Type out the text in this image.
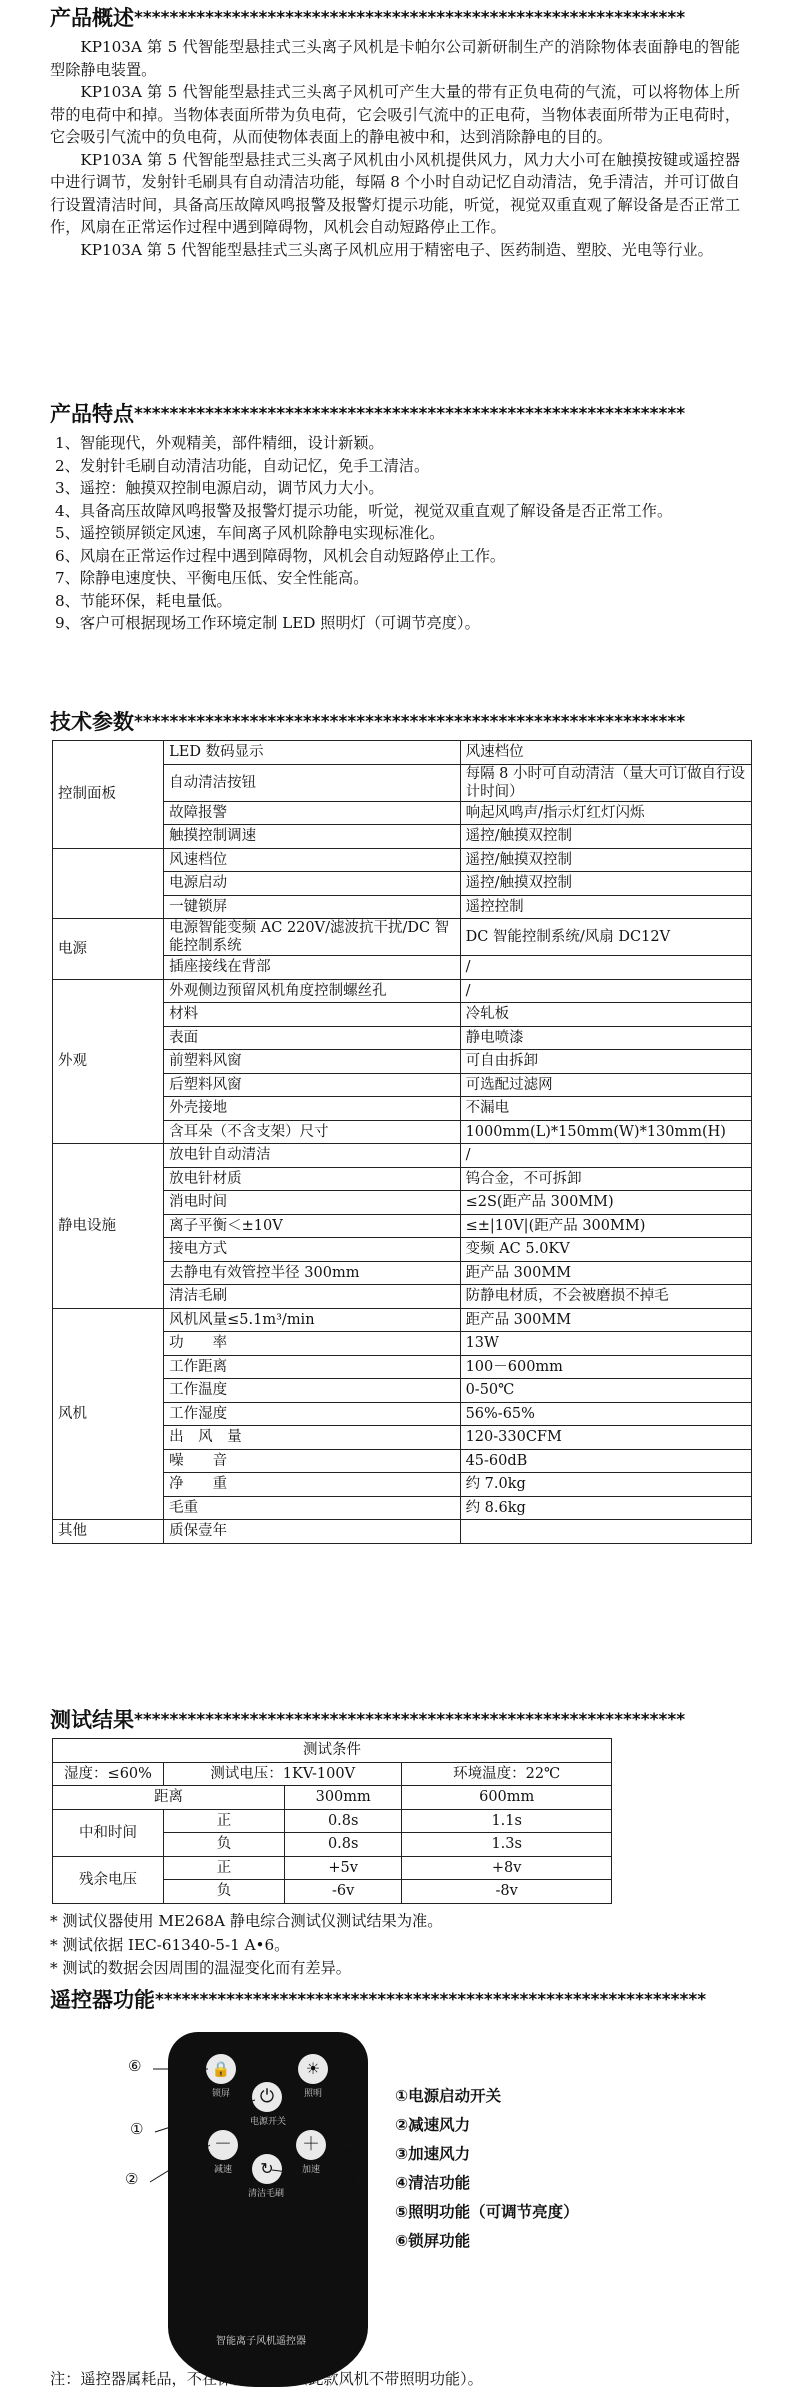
产品概述**************************************************************

KP103A 第 5 代智能型悬挂式三头离子风机是卡帕尔公司新研制生产的消除物体表面静电的智能型除静电装置。

KP103A 第 5 代智能型悬挂式三头离子风机可产生大量的带有正负电荷的气流，可以将物体上所带的电荷中和掉。当物体表面所带为负电荷，它会吸引气流中的正电荷，当物体表面所带为正电荷时，它会吸引气流中的负电荷，从而使物体表面上的静电被中和，达到消除静电的目的。

KP103A 第 5 代智能型悬挂式三头离子风机由小风机提供风力，风力大小可在触摸按键或遥控器中进行调节，发射针毛刷具有自动清洁功能，每隔 8 个小时自动记忆自动清洁，免手清洁，并可订做自行设置清洁时间，具备高压故障风鸣报警及报警灯提示功能，听觉，视觉双重直观了解设备是否正常工作，风扇在正常运作过程中遇到障碍物，风机会自动短路停止工作。

KP103A 第 5 代智能型悬挂式三头离子风机应用于精密电子、医药制造、塑胶、光电等行业。

产品特点**************************************************************
1、智能现代，外观精美，部件精细，设计新颖。
2、发射针毛刷自动清洁功能，自动记忆，免手工清洁。
3、遥控：触摸双控制电源启动，调节风力大小。
4、具备高压故障风鸣报警及报警灯提示功能，听觉，视觉双重直观了解设备是否正常工作。
5、遥控锁屏锁定风速，车间离子风机除静电实现标准化。
6、风扇在正常运作过程中遇到障碍物，风机会自动短路停止工作。
7、除静电速度快、平衡电压低、安全性能高。
8、节能环保，耗电量低。
9、客户可根据现场工作环境定制 LED 照明灯（可调节亮度）。
技术参数**************************************************************
控制面板	LED 数码显示	风速档位
	自动清洁按钮	每隔 8 小时可自动清洁（量大可订做自行设计时间）
	故障报警	响起风鸣声/指示灯红灯闪烁
	触摸控制调速	遥控/触摸双控制
	风速档位	遥控/触摸双控制
	电源启动	遥控/触摸双控制
	一键锁屏	遥控控制
电源	电源智能变频 AC 220V/滤波抗干扰/DC 智能控制系统	DC 智能控制系统/风扇 DC12V
	插座接线在背部	/
外观	外观侧边预留风机角度控制螺丝孔	/
	材料	冷轧板
	表面	静电喷漆
	前塑料风窗	可自由拆卸
	后塑料风窗	可选配过滤网
	外壳接地	不漏电
	含耳朵（不含支架）尺寸	1000mm(L)*150mm(W)*130mm(H)
静电设施	放电针自动清洁	/
	放电针材质	钨合金，不可拆卸
	消电时间	≤2S(距产品 300MM)
	离子平衡＜±10V	≤±|10V|(距产品 300MM)
	接电方式	变频 AC 5.0KV
	去静电有效管控半径 300mm	距产品 300MM
	清洁毛刷	防静电材质，不会被磨损不掉毛
风机	风机风量≤5.1m³/min	距产品 300MM
	功　　率	13W
	工作距离	100－600mm
	工作温度	0-50℃
	工作湿度	56%-65%
	出　风　量	120-330CFM
	噪　　音	45-60dB
	净　　重	约 7.0kg
	毛重	约 8.6kg
其他	质保壹年	
测试结果**************************************************************
测试条件			
湿度：≤60%	测试电压：1KV-100V		环境温度：22℃
距离		300mm	600mm
中和时间	正	0.8s	1.1s
	负	0.8s	1.3s
残余电压	正	+5v	+8v
	负	-6v	-8v
* 测试仪器使用 ME268A 静电综合测试仪测试结果为准。
* 测试依据 IEC-61340-5-1 A•6。
* 测试的数据会因周围的温湿变化而有差异。
遥控器功能**************************************************************
🔒
锁屏
☀
照明
⏻
电源开关
－
减速
＋
加速
↻
清洁毛刷
智能离子风机遥控器
⑥	⑤
①
③
②	④
①电源启动开关
②减速风力
③加速风力
④清洁功能
⑤照明功能（可调节亮度）
⑥锁屏功能
注：遥控器属耗品，不在保修范围内（此款风机不带照明功能）。
